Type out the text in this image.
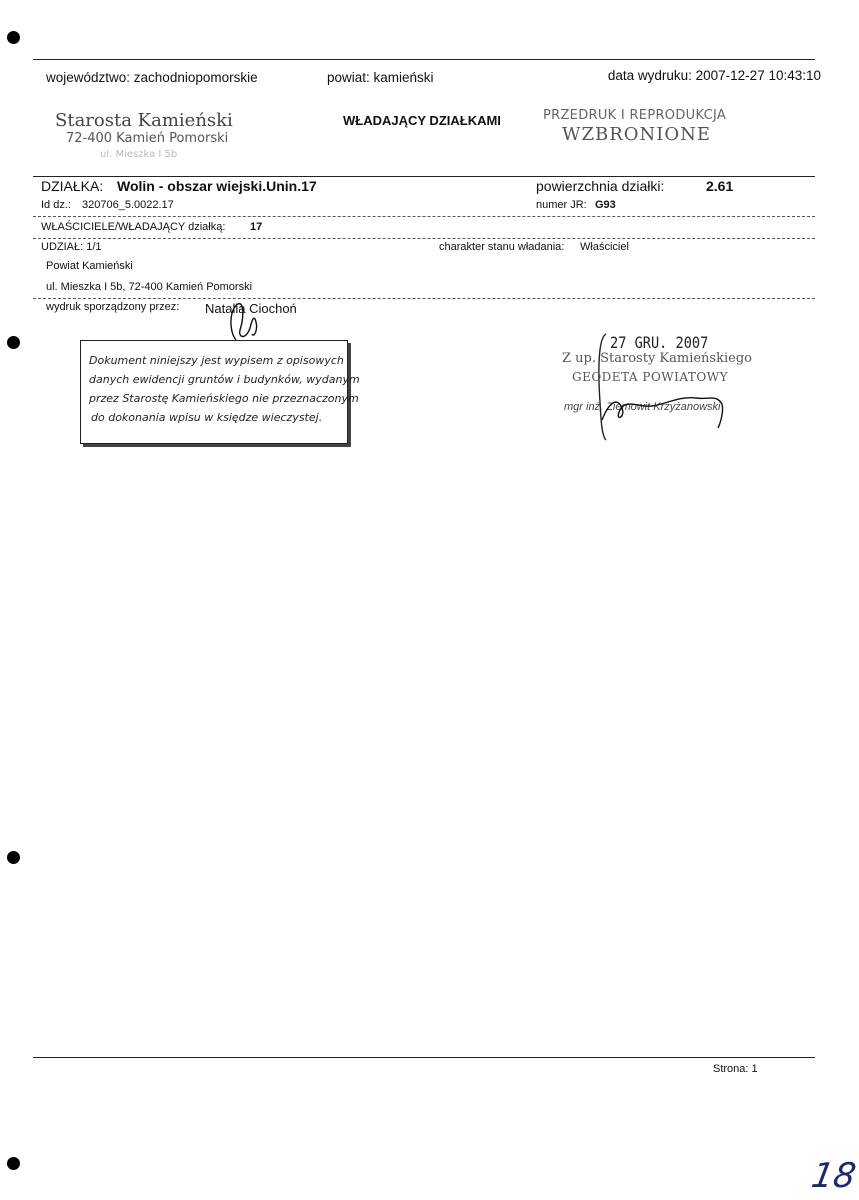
województwo: zachodniopomorskie	powiat: kamieński	data wydruku: 2007-12-27 10:43:10
Starosta Kamieński
72-400 Kamień Pomorski
ul. Mieszka I 5b
WŁADAJĄCY DZIAŁKAMI	PRZEDRUK I REPRODUKCJA
WZBRONIONE
DZIAŁKA: Wolin - obszar wiejski.Unin.17	powierzchnia działki:	2.61
Id dz.: 320706_5.0022.17	numer JR: G93
WŁAŚCICIELE/WŁADAJĄCY działką: 17
UDZIAŁ: 1/1	charakter stanu władania: Właściciel
Powiat Kamieński
ul. Mieszka I 5b, 72-400 Kamień Pomorski
wydruk sporządzony przez: Natalia Ciochoń
Dokument niniejszy jest wypisem z opisowych
danych ewidencji gruntów i budynków, wydanym
przez Starostę Kamieńskiego nie przeznaczonym
do dokonania wpisu w księdze wieczystej.
27 GRU. 2007
Z up. Starosty Kamieńskiego
GEODETA POWIATOWY
mgr inż. Ziemowit Krzyżanowski
Strona: 1
18
